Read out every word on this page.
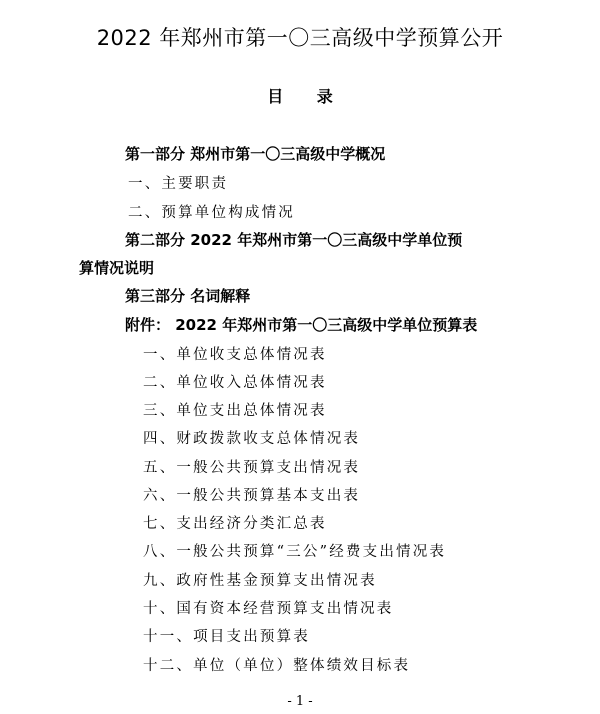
2022 年郑州市第一〇三高级中学预算公开
目 录
第一部分 郑州市第一〇三高级中学概况
一、主要职责
二、预算单位构成情况
第二部分 2022 年郑州市第一〇三高级中学单位预
算情况说明
第三部分 名词解释
附件： 2022 年郑州市第一〇三高级中学单位预算表
一、单位收支总体情况表
二、单位收入总体情况表
三、单位支出总体情况表
四、财政拨款收支总体情况表
五、一般公共预算支出情况表
六、一般公共预算基本支出表
七、支出经济分类汇总表
八、一般公共预算“三公”经费支出情况表
九、政府性基金预算支出情况表
十、国有资本经营预算支出情况表
十一、项目支出预算表
十二、单位（单位）整体绩效目标表
- 1 -
